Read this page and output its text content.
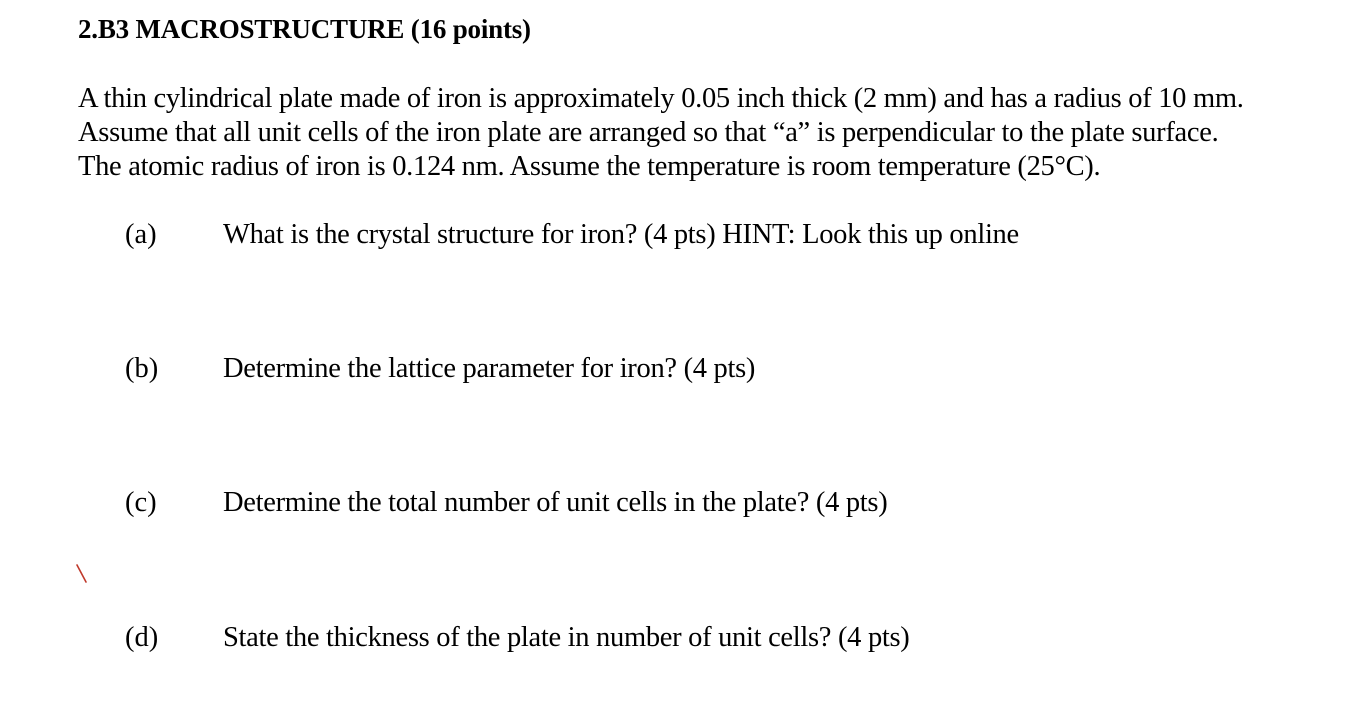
2.B3 MACROSTRUCTURE (16 points)
A thin cylindrical plate made of iron is approximately 0.05 inch thick (2 mm) and has a radius of 10 mm.
Assume that all unit cells of the iron plate are arranged so that “a” is perpendicular to the plate surface.
The atomic radius of iron is 0.124 nm. Assume the temperature is room temperature (25°C).
(a) What is the crystal structure for iron? (4 pts) HINT: Look this up online
(b) Determine the lattice parameter for iron? (4 pts)
(c) Determine the total number of unit cells in the plate? (4 pts)
(d) State the thickness of the plate in number of unit cells? (4 pts)
